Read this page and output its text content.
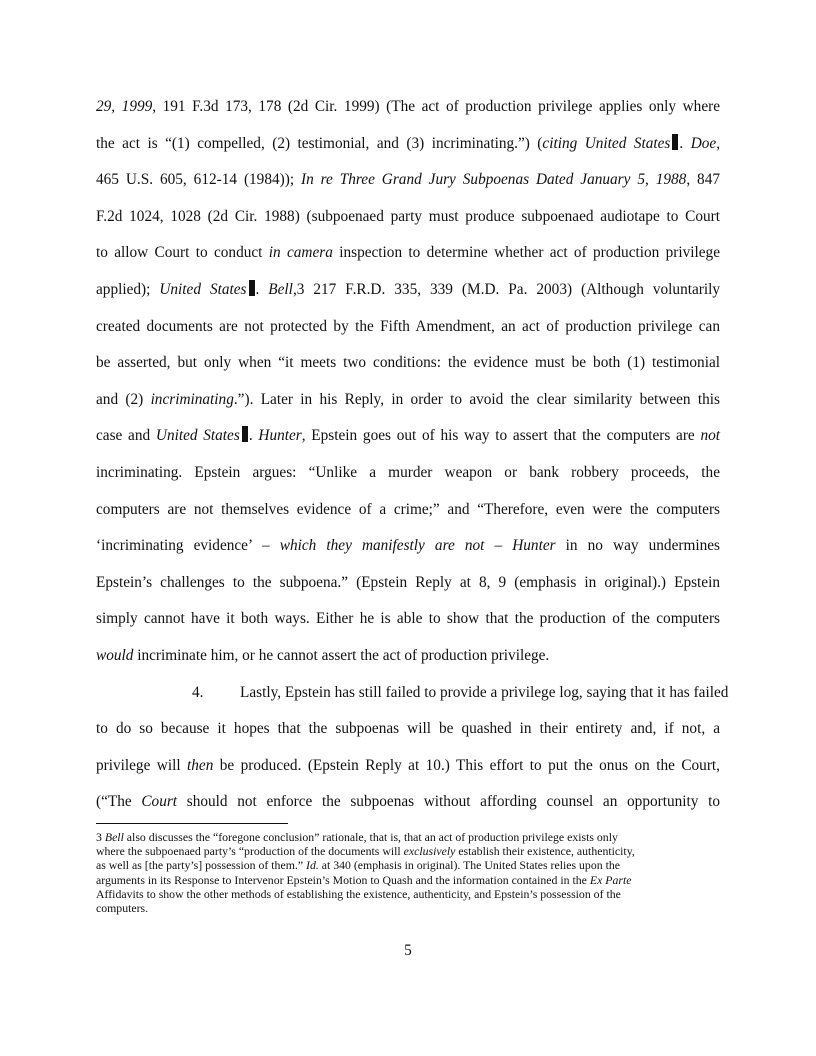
29, 1999, 191 F.3d 173, 178 (2d Cir. 1999) (The act of production privilege applies only where
the act is “(1) compelled, (2) testimonial, and (3) incriminating.”) (citing United States . Doe,
465 U.S. 605, 612-14 (1984)); In re Three Grand Jury Subpoenas Dated January 5, 1988, 847
F.2d 1024, 1028 (2d Cir. 1988) (subpoenaed party must produce subpoenaed audiotape to Court
to allow Court to conduct in camera inspection to determine whether act of production privilege
applied); United States . Bell,3 217 F.R.D. 335, 339 (M.D. Pa. 2003) (Although voluntarily
created documents are not protected by the Fifth Amendment, an act of production privilege can
be asserted, but only when “it meets two conditions: the evidence must be both (1) testimonial
and (2) incriminating.”). Later in his Reply, in order to avoid the clear similarity between this
case and United States . Hunter, Epstein goes out of his way to assert that the computers are not
incriminating. Epstein argues: “Unlike a murder weapon or bank robbery proceeds, the
computers are not themselves evidence of a crime;” and “Therefore, even were the computers
‘incriminating evidence’ – which they manifestly are not – Hunter in no way undermines
Epstein’s challenges to the subpoena.” (Epstein Reply at 8, 9 (emphasis in original).) Epstein
simply cannot have it both ways. Either he is able to show that the production of the computers
would incriminate him, or he cannot assert the act of production privilege.
4. Lastly, Epstein has still failed to provide a privilege log, saying that it has failed
to do so because it hopes that the subpoenas will be quashed in their entirety and, if not, a
privilege will then be produced. (Epstein Reply at 10.) This effort to put the onus on the Court,
(“The Court should not enforce the subpoenas without affording counsel an opportunity to
3 Bell also discusses the “foregone conclusion” rationale, that is, that an act of production privilege exists only
where the subpoenaed party’s “production of the documents will exclusively establish their existence, authenticity,
as well as [the party’s] possession of them.” Id. at 340 (emphasis in original). The United States relies upon the
arguments in its Response to Intervenor Epstein’s Motion to Quash and the information contained in the Ex Parte
Affidavits to show the other methods of establishing the existence, authenticity, and Epstein’s possession of the
computers.
5
